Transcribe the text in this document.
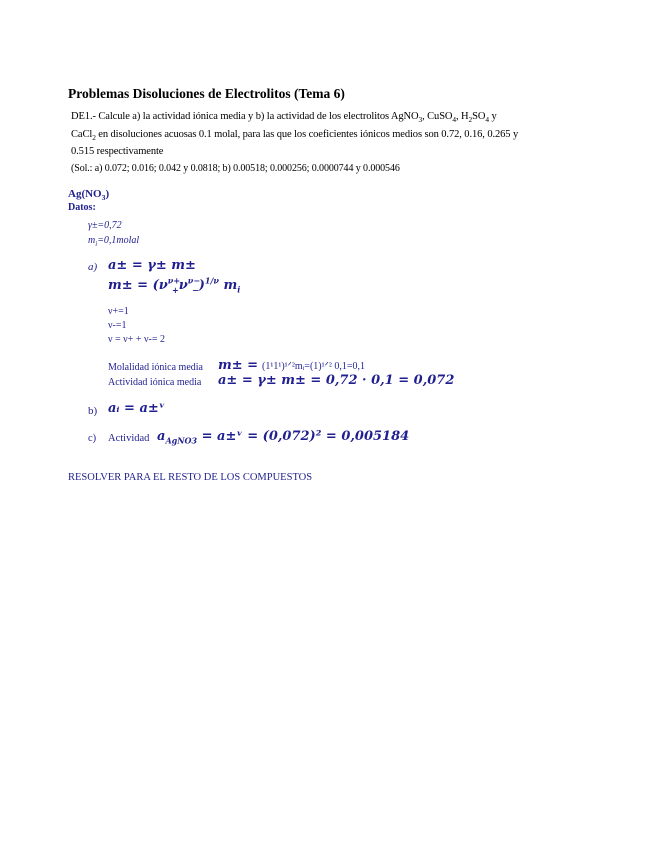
Problemas Disoluciones de Electrolitos (Tema 6)
DE1.- Calcule a) la actividad iónica media y b) la actividad de los electrolitos AgNO$_3$, CuSO$_4$, $H_2SO_4$ y
CaCl$_2$ en disoluciones acuosas 0.1 molal, para las que los coeficientes iónicos medios son 0.72, 0.16, 0.265 y
0.515 respectivamente
(Sol.: a) 0.072; 0.016; 0.042 y 0.0818; b) 0.00518; 0.000256; 0.0000744 y 0.000546
$Ag(NO_3)$
Datos:
γ±=0,72
$m_i=0,1molal$
a) a± = γ± m±
$m\pm = (\nu^{\nu+}_+\nu^{\nu-}_-)^{1/\nu}$ $m_i$
ν+=1
ν-=1
ν = ν+ + ν-= 2
Molalidad iónica media m± = (1¹1¹)¹ᐟ²mᵢ=(1)¹ᐟ² 0,1=0,1
Actividad iónica media a± = γ± m± = 0,72 · 0,1 = 0,072
b) aᵢ = a±ᵛ
c) Actividad $a_{AgNO3}$ = a±ᵛ = (0,072)² = 0,005184
RESOLVER PARA EL RESTO DE LOS COMPUESTOS
